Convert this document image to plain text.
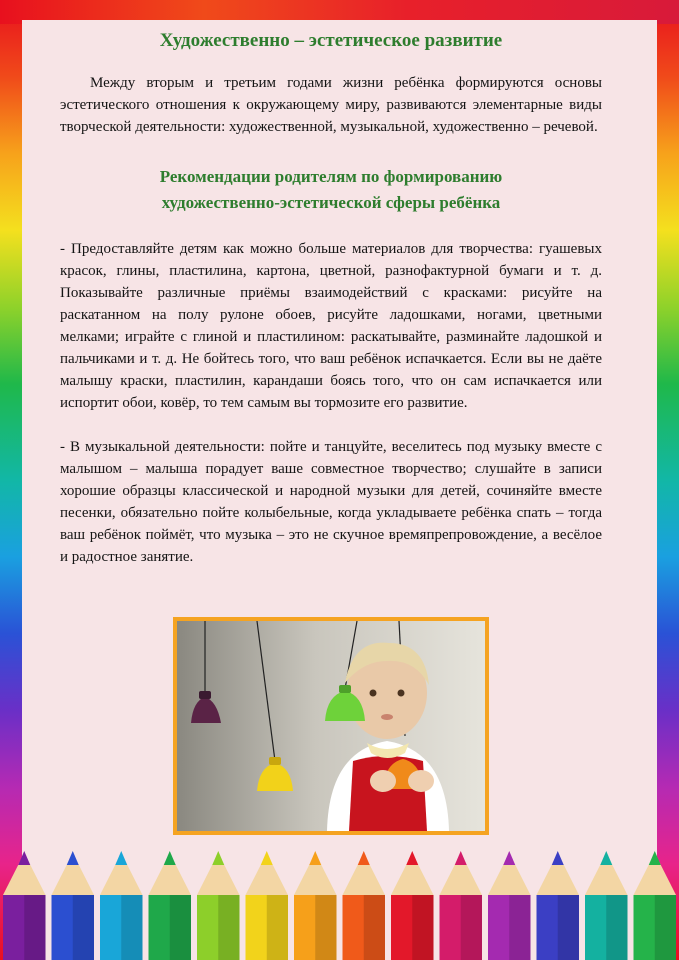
Художественно – эстетическое развитие

Между вторым и третьим годами жизни ребёнка формируются основы эстетического отношения к окружающему миру, развиваются элементарные виды творческой деятельности: художественной, музыкальной, художественно – речевой.

Рекомендации родителям по формированию
художественно-эстетической сферы ребёнка

- Предоставляйте детям как можно больше материалов для творчества: гуашевых красок, глины, пластилина, картона, цветной, разнофактурной бумаги и т. д. Показывайте различные приёмы взаимодействий с красками: рисуйте на раскатанном на полу рулоне обоев, рисуйте ладошками, ногами, цветными мелками; играйте с глиной и пластилином: раскатывайте, разминайте ладошкой и пальчиками и т. д. Не бойтесь того, что ваш ребёнок испачкается. Если вы не даёте малышу краски, пластилин, карандаши боясь того, что он сам испачкается или испортит обои, ковёр, то тем самым вы тормозите его развитие.

- В музыкальной деятельности: пойте и танцуйте, веселитесь под музыку вместе с малышом – малыша порадует ваше совместное творчество; слушайте в записи хорошие образцы классической и народной музыки для детей, сочиняйте вместе песенки, обязательно пойте колыбельные, когда укладываете ребёнка спать – тогда ваш ребёнок поймёт, что музыка – это не скучное времяпрепровождение, а весёлое и радостное занятие.
